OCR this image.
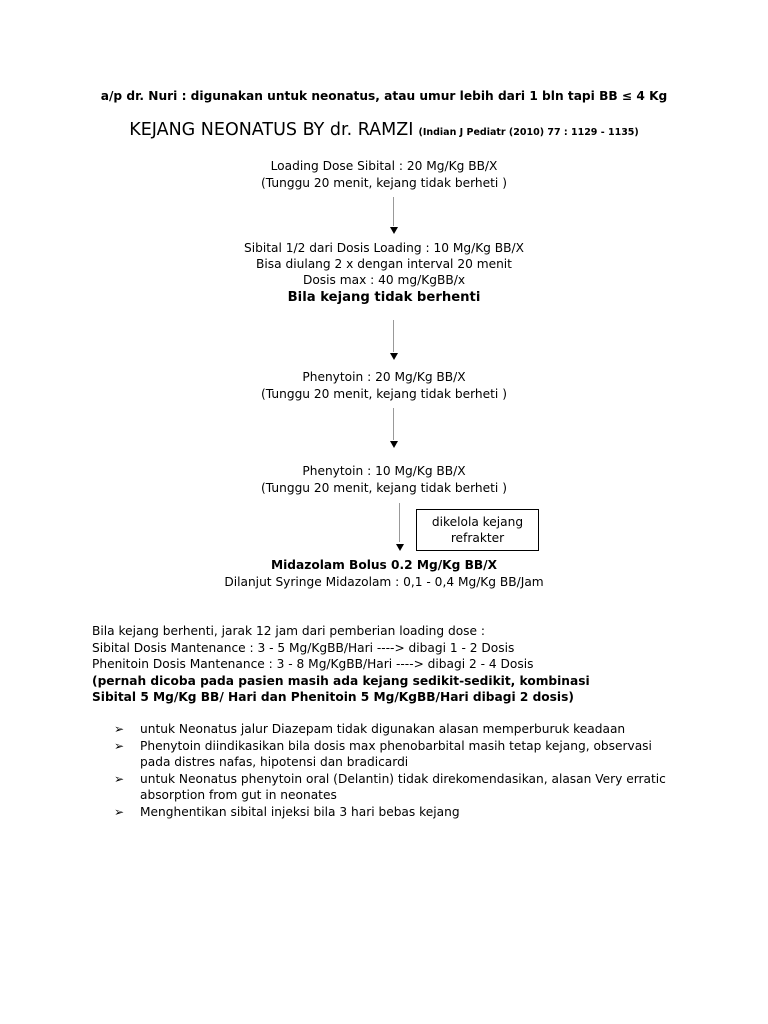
a/p dr. Nuri : digunakan untuk neonatus, atau umur lebih dari 1 bln tapi BB ≤ 4 Kg
KEJANG NEONATUS BY dr. RAMZI (Indian J Pediatr (2010) 77 : 1129 - 1135)
Loading Dose Sibital : 20 Mg/Kg BB/X
(Tunggu 20 menit, kejang tidak berheti )
Sibital 1/2 dari Dosis Loading : 10 Mg/Kg BB/X
Bisa diulang 2 x dengan interval 20 menit
Dosis max : 40 mg/KgBB/x
Bila kejang tidak berhenti
Phenytoin : 20 Mg/Kg BB/X
(Tunggu 20 menit, kejang tidak berheti )
Phenytoin : 10 Mg/Kg BB/X
(Tunggu 20 menit, kejang tidak berheti )
dikelola kejang
refrakter
Midazolam Bolus 0.2 Mg/Kg BB/X
Dilanjut Syringe Midazolam : 0,1 - 0,4 Mg/Kg BB/Jam
Bila kejang berhenti, jarak 12 jam dari pemberian loading dose :
Sibital Dosis Mantenance : 3 - 5 Mg/KgBB/Hari ----> dibagi 1 - 2 Dosis
Phenitoin Dosis Mantenance : 3 - 8 Mg/KgBB/Hari ----> dibagi 2 - 4 Dosis
(pernah dicoba pada pasien masih ada kejang sedikit-sedikit, kombinasi
Sibital 5 Mg/Kg BB/ Hari dan Phenitoin 5 Mg/KgBB/Hari dibagi 2 dosis)
➢ untuk Neonatus jalur Diazepam tidak digunakan alasan memperburuk keadaan
➢ Phenytoin diindikasikan bila dosis max phenobarbital masih tetap kejang, observasi pada distres nafas, hipotensi dan bradicardi
➢ untuk Neonatus phenytoin oral (Delantin) tidak direkomendasikan, alasan Very erratic absorption from gut in neonates
➢ Menghentikan sibital injeksi bila 3 hari bebas kejang
